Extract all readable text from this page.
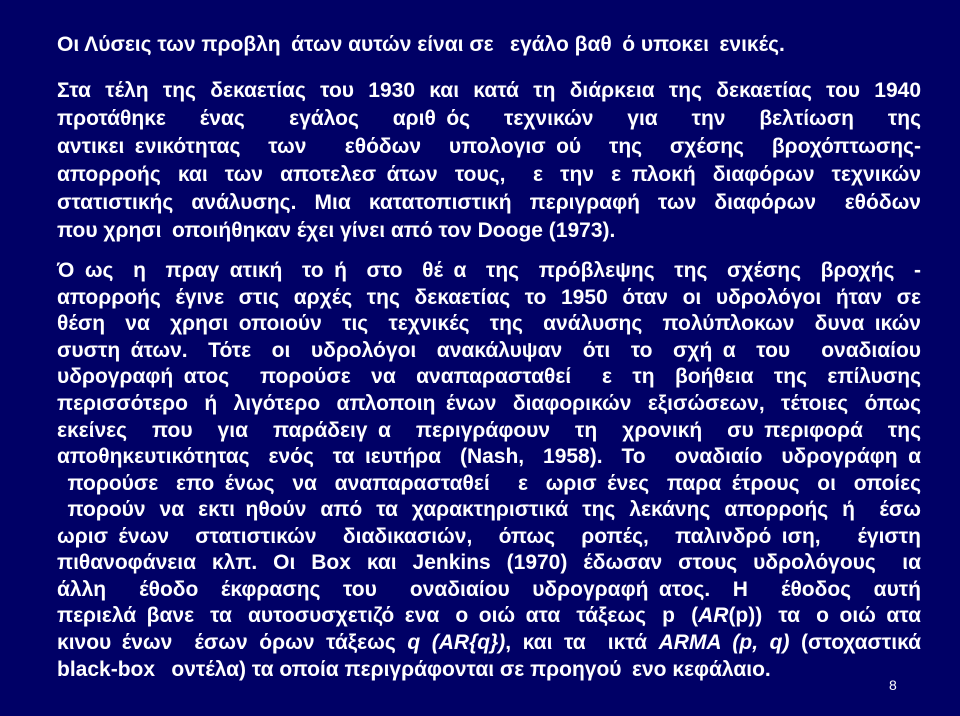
Οι Λύσεις των προβλη άτων αυτών είναι σε  εγάλο βαθ ό υποκει ενικές.
Στα τέλη της δεκαετίας του 1930 και κατά τη διάρκεια της δεκαετίας του 1940
προτάθηκε ένας  εγάλος αριθ ός τεχνικών για την βελτίωση της
αντικει ενικότητας των  εθόδων υπολογισ ού της σχέσης βροχόπτωσης-
απορροής και των αποτελεσ άτων τους,  ε την ε πλοκή διαφόρων τεχνικών
στατιστικής ανάλυσης. Μια κατατοπιστική περιγραφή των διαφόρων  εθόδων
που χρησι οποιήθηκαν έχει γίνει από τον Dooge (1973).
Ό ως η πραγ ατική το ή στο θέ α της πρόβλεψης της σχέσης βροχής -
απορροής έγινε στις αρχές της δεκαετίας το 1950 όταν οι υδρολόγοι ήταν σε
θέση να χρησι οποιούν τις τεχνικές της ανάλυσης πολύπλοκων δυνα ικών
συστη άτων. Τότε οι υδρολόγοι ανακάλυψαν ότι το σχή α του  οναδιαίου
υδρογραφή ατος  πορούσε να αναπαρασταθεί  ε τη βοήθεια της επίλυσης
περισσότερο ή λιγότερο απλοποιη ένων διαφορικών εξισώσεων, τέτοιες όπως
εκείνες που για παράδειγ α περιγράφουν τη χρονική συ περιφορά της
αποθηκευτικότητας ενός τα ιευτήρα (Nash, 1958). Το  οναδιαίο υδρογράφη α
 πορούσε επο ένως να αναπαρασταθεί  ε ωρισ ένες παρα έτρους οι οποίες
 πορούν να εκτι ηθούν από τα χαρακτηριστικά της λεκάνης απορροής ή  έσω
ωρισ ένων στατιστικών διαδικασιών, όπως ροπές, παλινδρό ιση,  έγιστη
πιθανοφάνεια κλπ. Οι Box και Jenkins (1970) έδωσαν στους υδρολόγους  ια
άλλη  έθοδο έκφρασης του  οναδιαίου υδρογραφή ατος. Η  έθοδος αυτή
περιελά βανε τα αυτοσυσχετιζό ενα ο οιώ ατα τάξεως p (AR(p)) τα ο οιώ ατα
κινου ένων  έσων όρων τάξεως q (AR{q}), και τα  ικτά ARMA (p, q) (στοχαστικά
black-box  οντέλα) τα οποία περιγράφονται σε προηγού ενο κεφάλαιο.
8
